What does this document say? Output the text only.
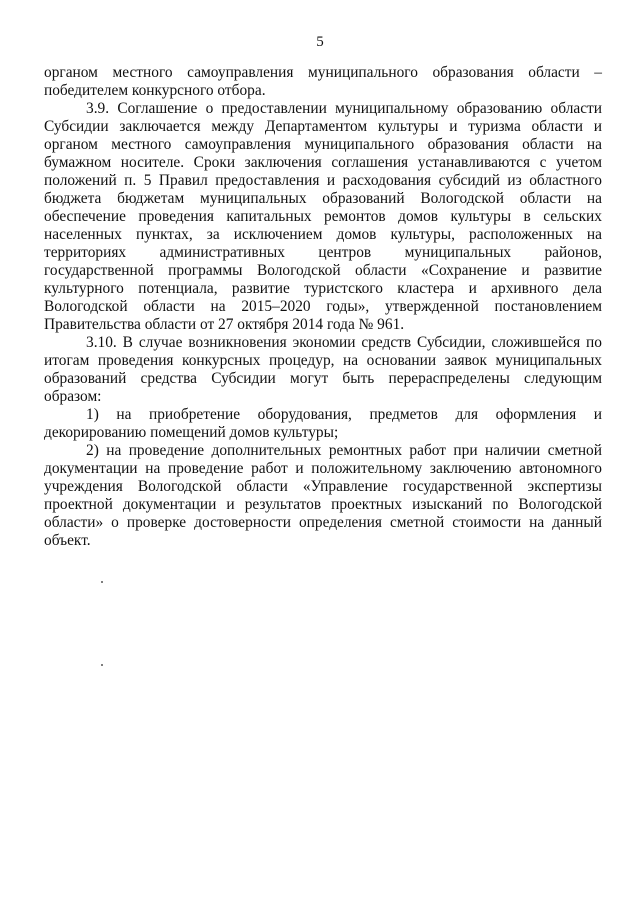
5
органом местного самоуправления муниципального образования области –
победителем конкурсного отбора.
3.9. Соглашение о предоставлении муниципальному образованию области
Субсидии заключается между Департаментом культуры и туризма области и
органом местного самоуправления муниципального образования области на
бумажном носителе. Сроки заключения соглашения устанавливаются с учетом
положений п. 5 Правил предоставления и расходования субсидий из областного
бюджета бюджетам муниципальных образований Вологодской области на
обеспечение проведения капитальных ремонтов домов культуры в сельских
населенных пунктах, за исключением домов культуры, расположенных на
территориях административных центров муниципальных районов,
государственной программы Вологодской области «Сохранение и развитие
культурного потенциала, развитие туристского кластера и архивного дела
Вологодской области на 2015–2020 годы», утвержденной постановлением
Правительства области от 27 октября 2014 года № 961.
3.10. В случае возникновения экономии средств Субсидии, сложившейся по
итогам проведения конкурсных процедур, на основании заявок муниципальных
образований средства Субсидии могут быть перераспределены следующим
образом:
1) на приобретение оборудования, предметов для оформления и
декорированию помещений домов культуры;
2) на проведение дополнительных ремонтных работ при наличии сметной
документации на проведение работ и положительному заключению автономного
учреждения Вологодской области «Управление государственной экспертизы
проектной документации и результатов проектных изысканий по Вологодской
области» о проверке достоверности определения сметной стоимости на данный
объект.
